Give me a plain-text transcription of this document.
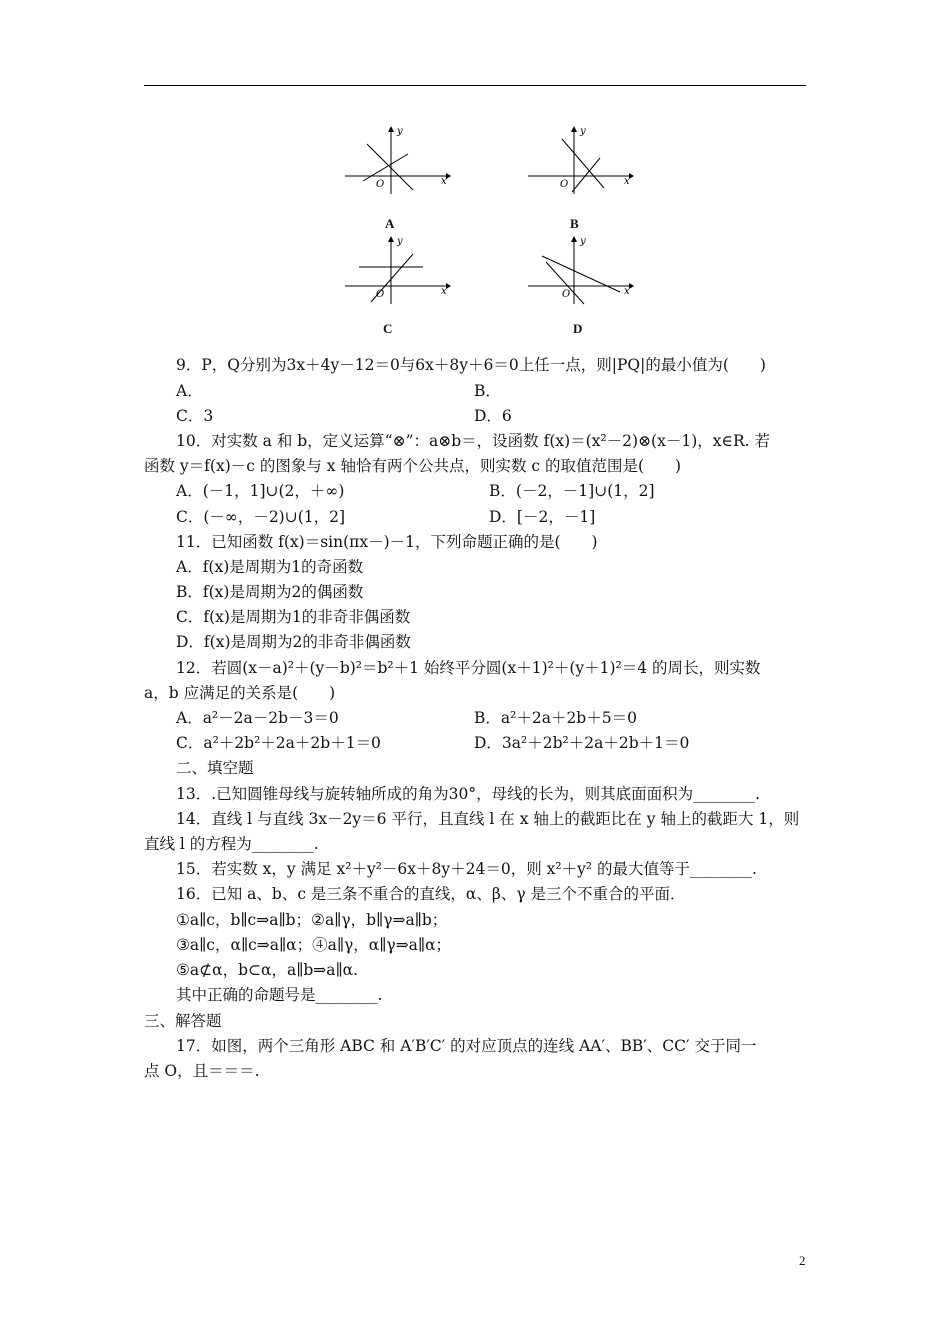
y
x
O
A
y
x
O
B
y
x
O
C
y
x
O
D
9．P，Q分别为3x＋4y－12＝0与6x＋8y＋6＝0上任一点，则|PQ|的最小值为(　　)
A．	B．
C．3	D．6
10．对实数 a 和 b，定义运算“⊗”：a⊗b＝，设函数 f(x)＝(x²－2)⊗(x－1)，x∈R. 若
函数 y＝f(x)－c 的图象与 x 轴恰有两个公共点，则实数 c 的取值范围是(　　)
A．(－1，1]∪(2，＋∞)	B．(－2，－1]∪(1，2]
C．(－∞，－2)∪(1，2]	D．[－2，－1]
11．已知函数 f(x)＝sin(πx－)－1，下列命题正确的是(　　)
A．f(x)是周期为1的奇函数
B．f(x)是周期为2的偶函数
C．f(x)是周期为1的非奇非偶函数
D．f(x)是周期为2的非奇非偶函数
12．若圆(x－a)²＋(y－b)²＝b²＋1 始终平分圆(x＋1)²＋(y＋1)²＝4 的周长，则实数
a，b 应满足的关系是(　　)
A．a²－2a－2b－3＝0	B．a²＋2a＋2b＋5＝0
C．a²＋2b²＋2a＋2b＋1＝0	D．3a²＋2b²＋2a＋2b＋1＝0
二、填空题
13．.已知圆锥母线与旋转轴所成的角为30°，母线的长为，则其底面面积为________.
14．直线 l 与直线 3x－2y＝6 平行，且直线 l 在 x 轴上的截距比在 y 轴上的截距大 1，则
直线 l 的方程为________.
15．若实数 x，y 满足 x²＋y²－6x＋8y＋24＝0，则 x²＋y² 的最大值等于________.
16．已知 a、b、c 是三条不重合的直线，α、β、γ 是三个不重合的平面．
①a∥c，b∥c⇒a∥b；②a∥γ，b∥γ⇒a∥b；
③a∥c，α∥c⇒a∥α；④a∥γ，α∥γ⇒a∥α；
⑤a⊄α，b⊂α，a∥b⇒a∥α.
其中正确的命题号是________.
三、解答题
17．如图，两个三角形 ABC 和 A′B′C′ 的对应顶点的连线 AA′、BB′、CC′ 交于同一
点 O，且＝＝＝.
2
